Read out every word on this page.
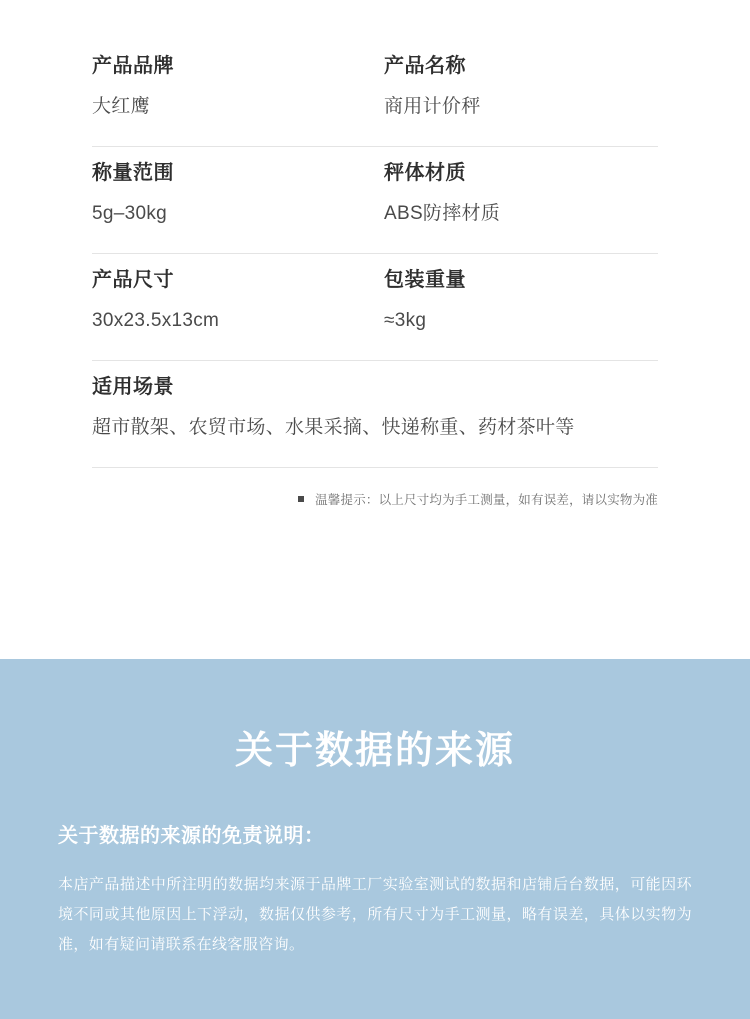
产品品牌
大红鹰
产品名称
商用计价秤
称量范围
5g–30kg
秤体材质
ABS防摔材质
产品尺寸
30x23.5x13cm
包装重量
≈3kg
适用场景
超市散架、农贸市场、水果采摘、快递称重、药材茶叶等
温馨提示：以上尺寸均为手工测量，如有误差，请以实物为准
关于数据的来源
关于数据的来源的免责说明：
本店产品描述中所注明的数据均来源于品牌工厂实验室测试的数据和店铺后台数据，可能因环境不同或其他原因上下浮动，数据仅供参考，所有尺寸为手工测量，略有误差，具体以实物为准，如有疑问请联系在线客服咨询。
